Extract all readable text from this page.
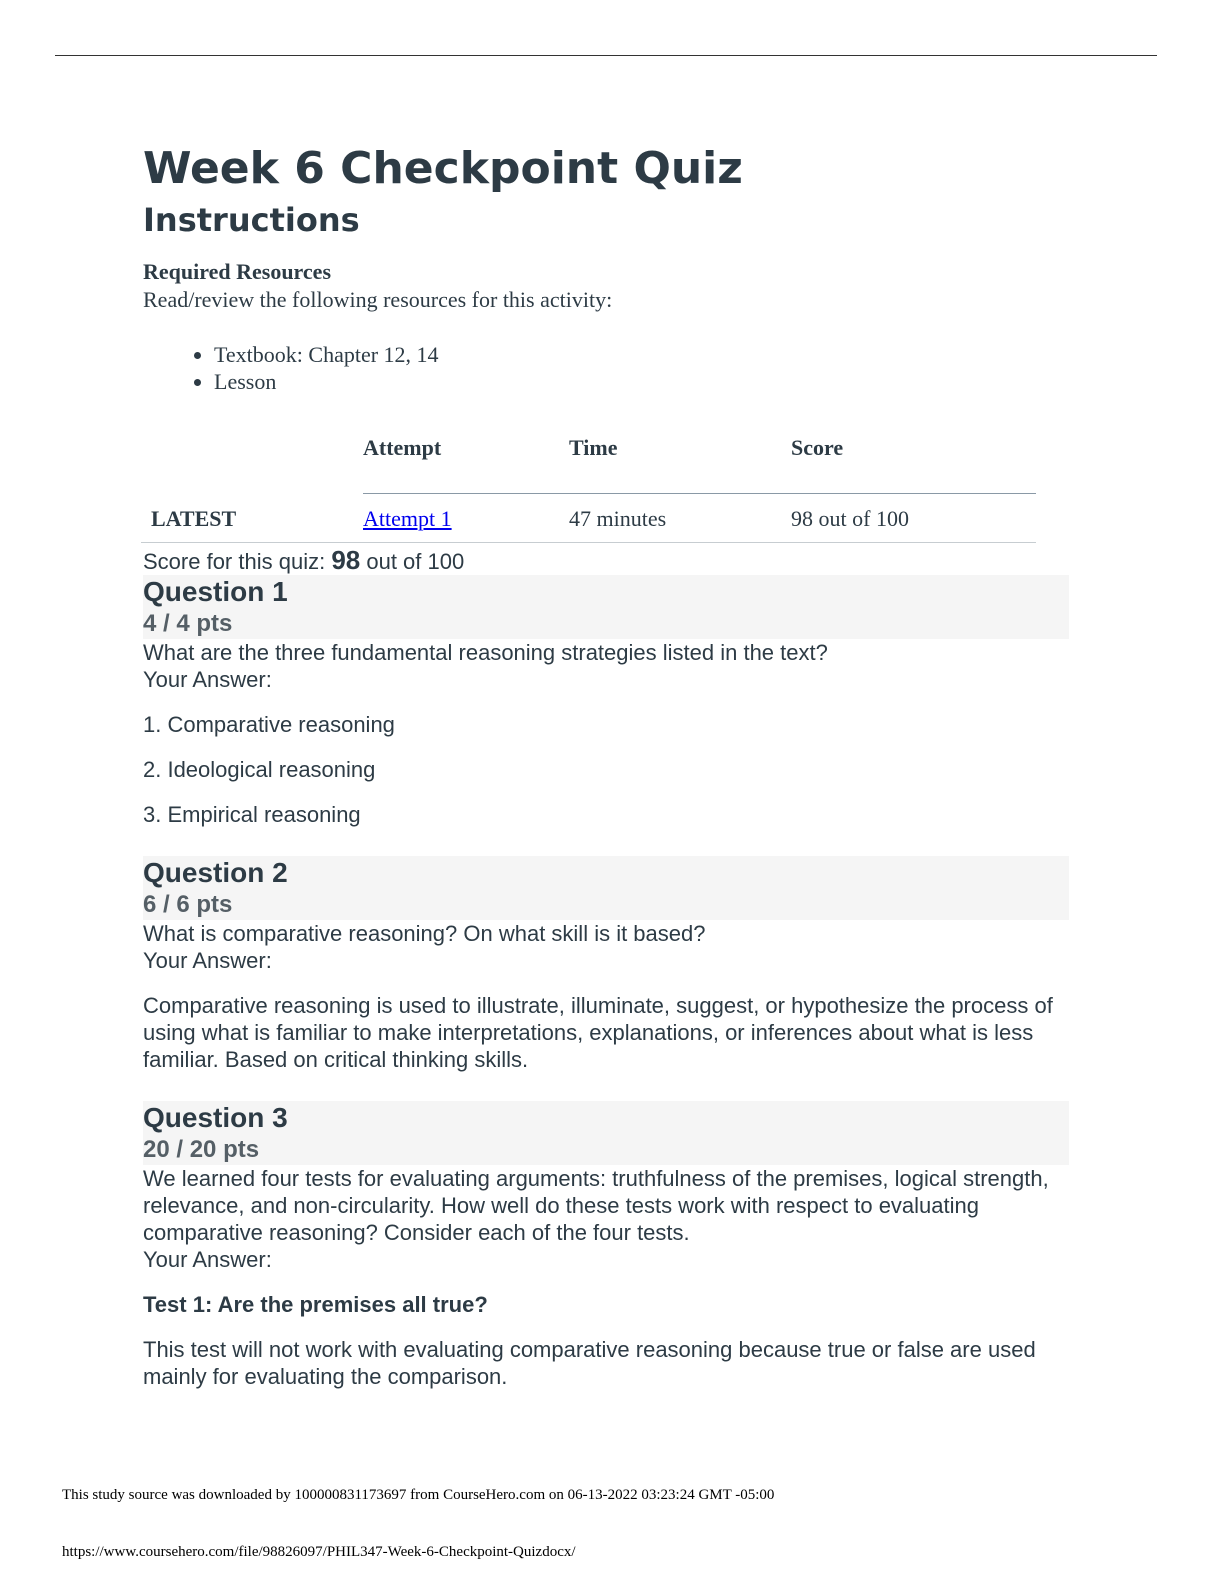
Week 6 Checkpoint Quiz
Instructions
Required Resources
Read/review the following resources for this activity:
• Textbook: Chapter 12, 14
• Lesson
	Attempt	Time	Score
LATEST	Attempt 1	47 minutes	98 out of 100
Score for this quiz: 98 out of 100
Question 1
4 / 4 pts
What are the three fundamental reasoning strategies listed in the text?
Your Answer:

1. Comparative reasoning

2. Ideological reasoning

3. Empirical reasoning

Question 2
6 / 6 pts
What is comparative reasoning? On what skill is it based?
Your Answer:

Comparative reasoning is used to illustrate, illuminate, suggest, or hypothesize the process of using what is familiar to make interpretations, explanations, or inferences about what is less familiar. Based on critical thinking skills.

Question 3
20 / 20 pts
We learned four tests for evaluating arguments: truthfulness of the premises, logical strength, relevance, and non-circularity. How well do these tests work with respect to evaluating comparative reasoning? Consider each of the four tests.
Your Answer:

Test 1: Are the premises all true?

This test will not work with evaluating comparative reasoning because true or false are used mainly for evaluating the comparison.

This study source was downloaded by 100000831173697 from CourseHero.com on 06-13-2022 03:23:24 GMT -05:00
https://www.coursehero.com/file/98826097/PHIL347-Week-6-Checkpoint-Quizdocx/
